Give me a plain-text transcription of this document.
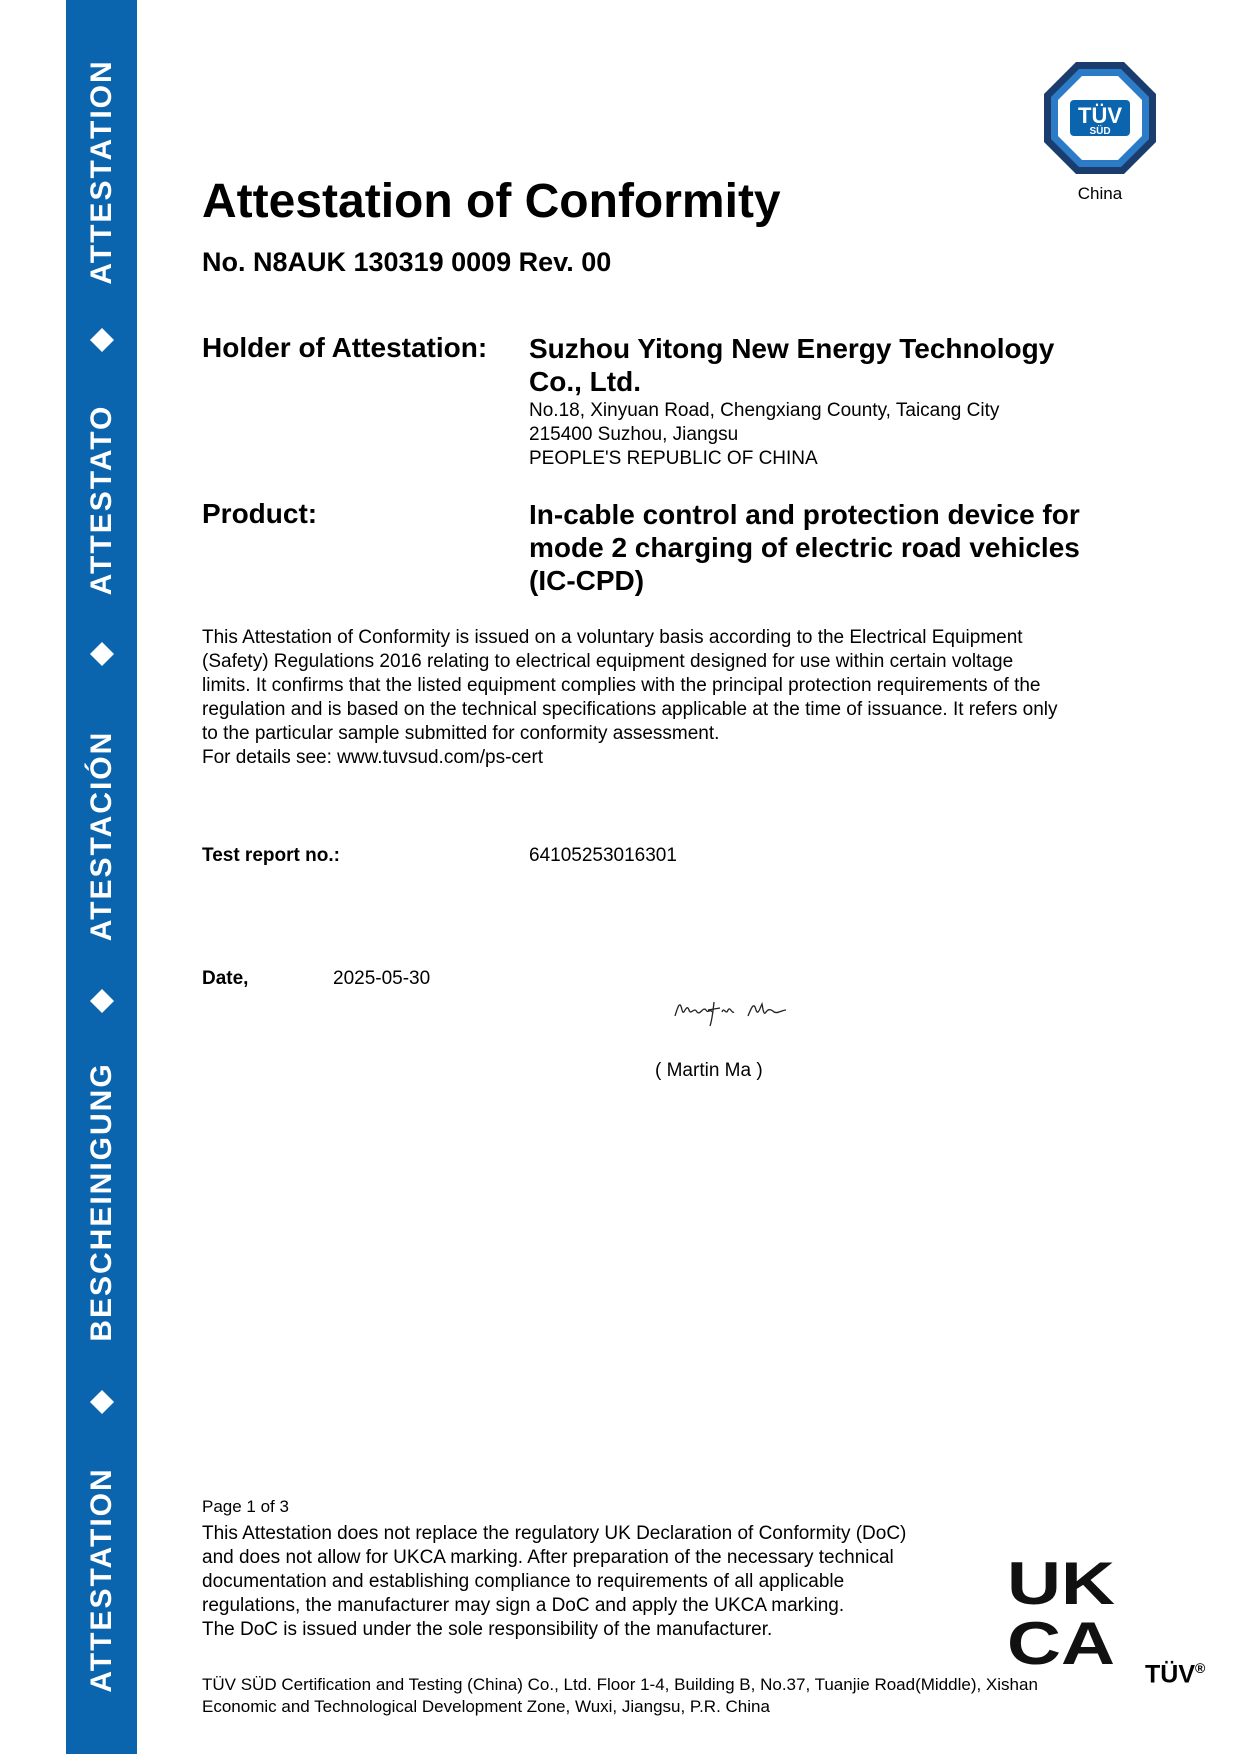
ATTESTATION
ATTESTATO
ATESTACIÓN
BESCHEINIGUNG
ATTESTATION
TÜV
SÜD
China
Attestation of Conformity
No. N8AUK 130319 0009 Rev. 00
Holder of Attestation: Suzhou Yitong New Energy Technology
Co., Ltd.
No.18, Xinyuan Road, Chengxiang County, Taicang City
215400 Suzhou, Jiangsu
PEOPLE'S REPUBLIC OF CHINA
Product:	In-cable control and protection device for
mode 2 charging of electric road vehicles
(IC-CPD)
This Attestation of Conformity is issued on a voluntary basis according to the Electrical Equipment
(Safety) Regulations 2016 relating to electrical equipment designed for use within certain voltage
limits. It confirms that the listed equipment complies with the principal protection requirements of the
regulation and is based on the technical specifications applicable at the time of issuance. It refers only
to the particular sample submitted for conformity assessment.
For details see: www.tuvsud.com/ps-cert
Test report no.:	64105253016301
Date,	2025-05-30
( Martin Ma )
Page 1 of 3
This Attestation does not replace the regulatory UK Declaration of Conformity (DoC)
and does not allow for UKCA marking. After preparation of the necessary technical
documentation and establishing compliance to requirements of all applicable
regulations, the manufacturer may sign a DoC and apply the UKCA marking.
The DoC is issued under the sole responsibility of the manufacturer.
UK
CA
TÜV SÜD Certification and Testing (China) Co., Ltd. Floor 1-4, Building B, No.37, Tuanjie Road(Middle), Xishan
Economic and Technological Development Zone, Wuxi, Jiangsu, P.R. China
TÜV®
